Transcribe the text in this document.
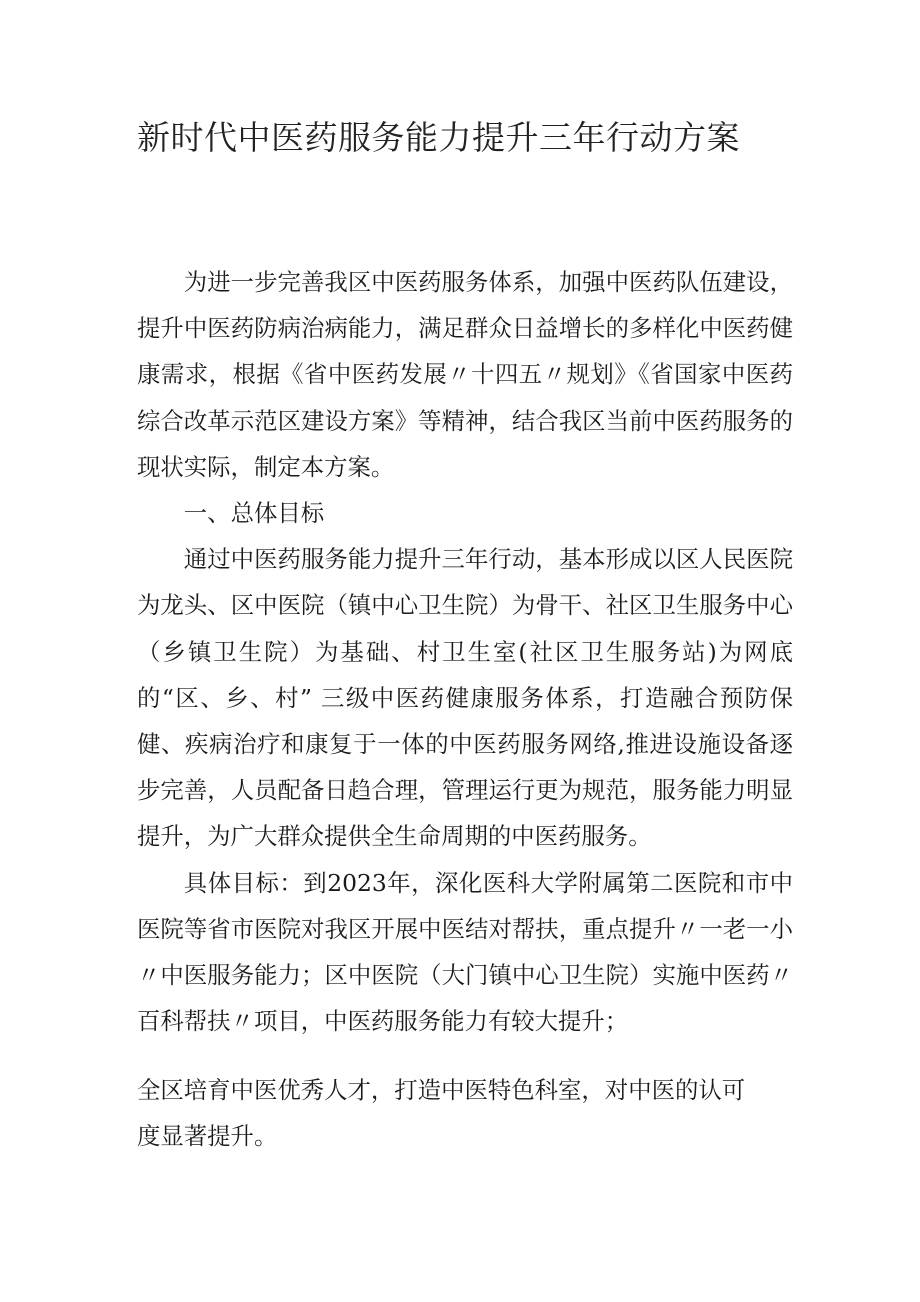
新时代中医药服务能力提升三年行动方案

为进一步完善我区中医药服务体系，加强中医药队伍建设，提升中医药防病治病能力，满足群众日益增长的多样化中医药健康需求，根据《省中医药发展〃十四五〃规划》《省国家中医药综合改革示范区建设方案》等精神，结合我区当前中医药服务的现状实际，制定本方案。

一、总体目标

通过中医药服务能力提升三年行动，基本形成以区人民医院为龙头、区中医院（镇中心卫生院）为骨干、社区卫生服务中心（乡镇卫生院）为基础、村卫生室(社区卫生服务站)为网底的“区、乡、村” 三级中医药健康服务体系，打造融合预防保健、疾病治疗和康复于一体的中医药服务网络,推进设施设备逐步完善，人员配备日趋合理，管理运行更为规范，服务能力明显提升，为广大群众提供全生命周期的中医药服务。

具体目标：到2023年，深化医科大学附属第二医院和市中医院等省市医院对我区开展中医结对帮扶，重点提升〃一老一小〃中医服务能力；区中医院（大门镇中心卫生院）实施中医药〃百科帮扶〃项目，中医药服务能力有较大提升；

全区培育中医优秀人才，打造中医特色科室，对中医的认可

度显著提升。
